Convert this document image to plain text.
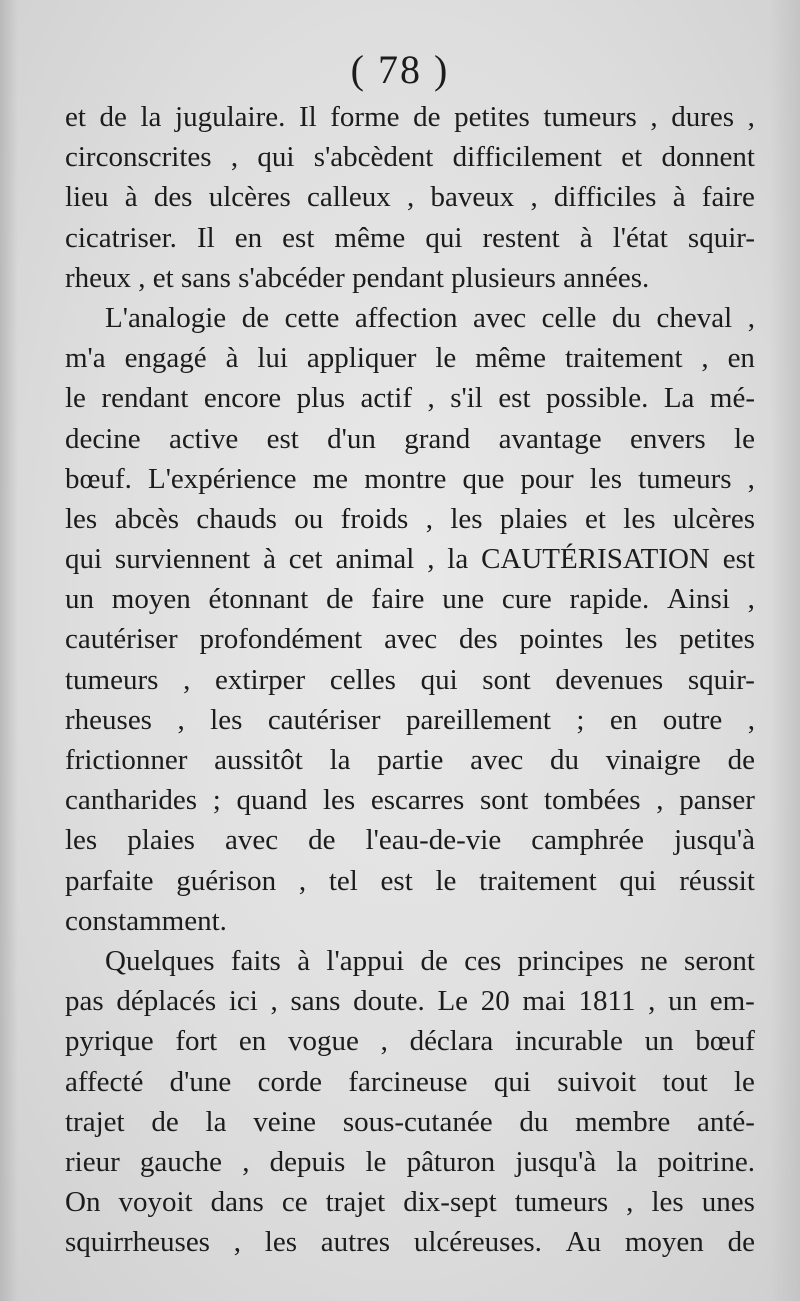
( 78 )
et de la jugulaire. Il forme de petites tumeurs , dures ,
circonscrites , qui s'abcèdent difficilement et donnent
lieu à des ulcères calleux , baveux , difficiles à faire
cicatriser. Il en est même qui restent à l'état squir-
rheux , et sans s'abcéder pendant plusieurs années.
L'analogie de cette affection avec celle du cheval ,
m'a engagé à lui appliquer le même traitement , en
le rendant encore plus actif , s'il est possible. La mé-
decine active est d'un grand avantage envers le
bœuf. L'expérience me montre que pour les tumeurs ,
les abcès chauds ou froids , les plaies et les ulcères
qui surviennent à cet animal , la CAUTÉRISATION est
un moyen étonnant de faire une cure rapide. Ainsi ,
cautériser profondément avec des pointes les petites
tumeurs , extirper celles qui sont devenues squir-
rheuses , les cautériser pareillement ; en outre ,
frictionner aussitôt la partie avec du vinaigre de
cantharides ; quand les escarres sont tombées , panser
les plaies avec de l'eau-de-vie camphrée jusqu'à
parfaite guérison , tel est le traitement qui réussit
constamment.
Quelques faits à l'appui de ces principes ne seront
pas déplacés ici , sans doute. Le 20 mai 1811 , un em-
pyrique fort en vogue , déclara incurable un bœuf
affecté d'une corde farcineuse qui suivoit tout le
trajet de la veine sous-cutanée du membre anté-
rieur gauche , depuis le pâturon jusqu'à la poitrine.
On voyoit dans ce trajet dix-sept tumeurs , les unes
squirrheuses , les autres ulcéreuses. Au moyen de
